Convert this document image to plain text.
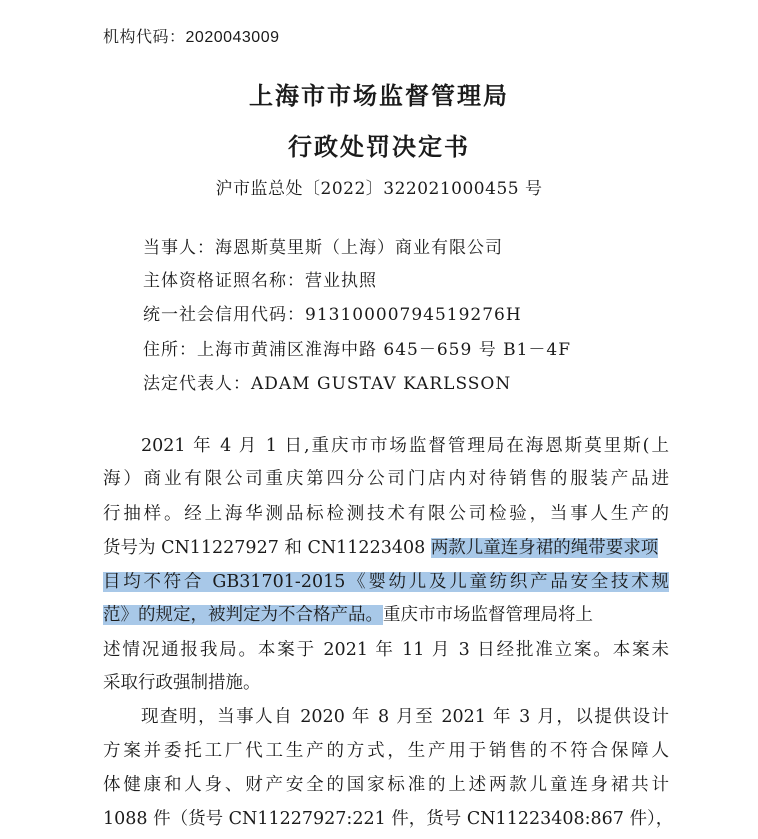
机构代码：2020043009
上海市市场监督管理局
行政处罚决定书
沪市监总处〔2022〕322021000455 号
当事人：海恩斯莫里斯（上海）商业有限公司
主体资格证照名称：营业执照
统一社会信用代码：91310000794519276H
住所：上海市黄浦区淮海中路 645－659 号 B1－4F
法定代表人：ADAM GUSTAV KARLSSON
2021 年 4 月 1 日,重庆市市场监督管理局在海恩斯莫里斯(上
海）商业有限公司重庆第四分公司门店内对待销售的服装产品进
行抽样。经上海华测品标检测技术有限公司检验，当事人生产的
货号为 CN11227927 和 CN11223408 两款儿童连身裙的绳带要求项
目均不符合 GB31701-2015《婴幼儿及儿童纺织产品安全技术规
范》的规定，被判定为不合格产品。重庆市市场监督管理局将上
述情况通报我局。本案于 2021 年 11 月 3 日经批准立案。本案未
采取行政强制措施。
现查明，当事人自 2020 年 8 月至 2021 年 3 月，以提供设计
方案并委托工厂代工生产的方式，生产用于销售的不符合保障人
体健康和人身、财产安全的国家标准的上述两款儿童连身裙共计
1088 件（货号 CN11227927:221 件，货号 CN11223408:867 件），
